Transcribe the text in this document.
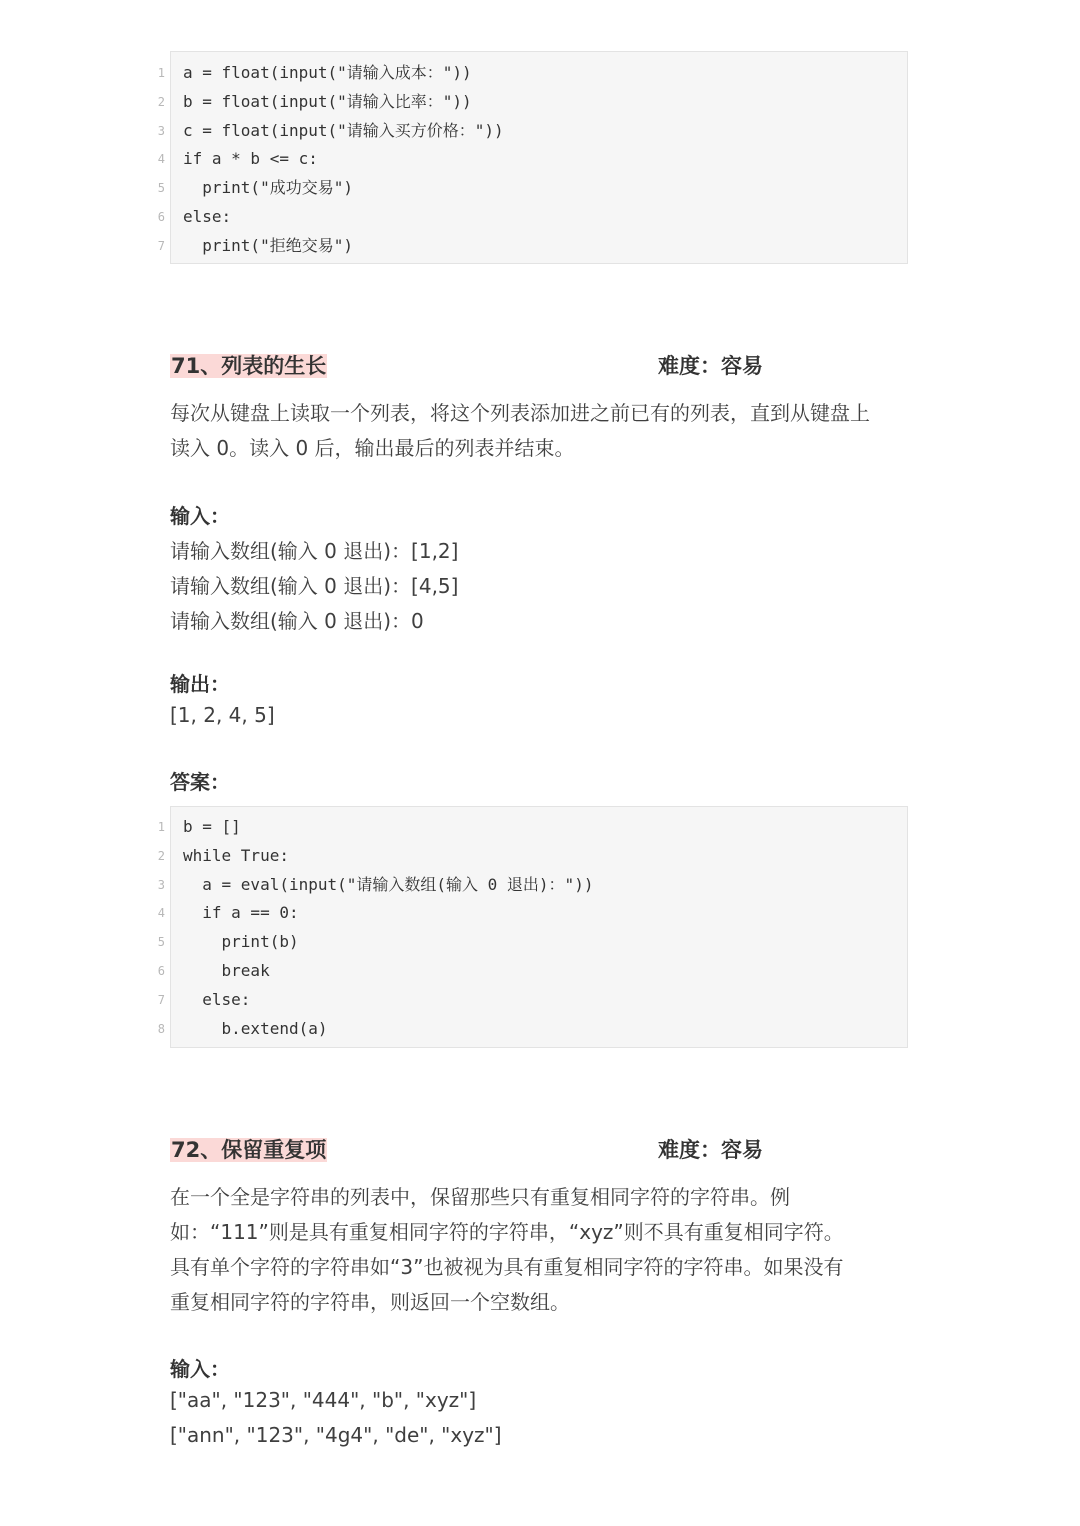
1 a = float(input("请输入成本："))
2 b = float(input("请输入比率："))
3 c = float(input("请输入买方价格："))
4 if a * b <= c:
5 print("成功交易")
6 else:
7 print("拒绝交易")
71、列表的生长	难度：容易
每次从键盘上读取一个列表，将这个列表添加进之前已有的列表，直到从键盘上
读入 0。读入 0 后，输出最后的列表并结束。
输入：
请输入数组(输入 0 退出)：[1,2]
请输入数组(输入 0 退出)：[4,5]
请输入数组(输入 0 退出)：0
输出：
[1, 2, 4, 5]
答案：
1 b = []
2 while True:
3 a = eval(input("请输入数组(输入 0 退出)："))
4 if a == 0:
5 print(b)
6 break
7 else:
8 b.extend(a)
72、保留重复项	难度：容易
在一个全是字符串的列表中，保留那些只有重复相同字符的字符串。例
如：“111”则是具有重复相同字符的字符串，“xyz”则不具有重复相同字符。
具有单个字符的字符串如“3”也被视为具有重复相同字符的字符串。如果没有
重复相同字符的字符串，则返回一个空数组。
输入：
["aa", "123", "444", "b", "xyz"]
["ann", "123", "4g4", "de", "xyz"]
